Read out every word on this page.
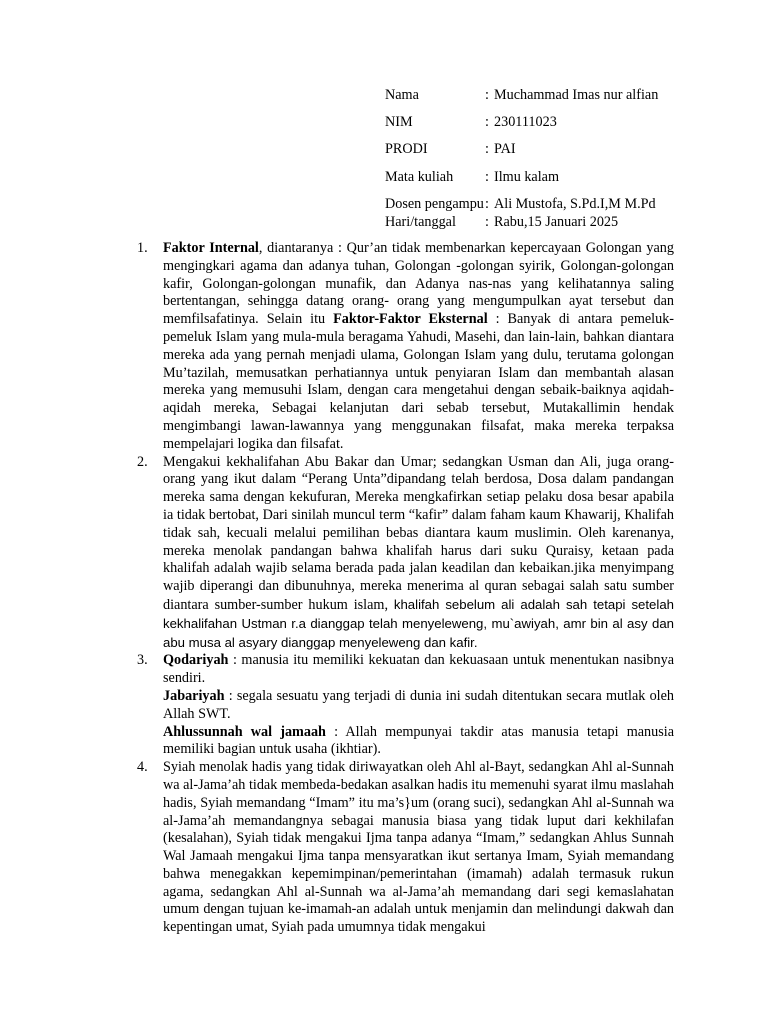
Nama	: Muchammad Imas nur alfian
NIM	: 230111023
PRODI	: PAI
Mata kuliah	: Ilmu kalam
Dosen pengampu : Ali Mustofa, S.Pd.I,M M.Pd
Hari/tanggal	: Rabu,15 Januari 2025
1. Faktor Internal, diantaranya : Qur’an tidak membenarkan kepercayaan Golongan yang mengingkari agama dan adanya tuhan, Golongan -golongan syirik, Golongan-golongan kafir, Golongan-golongan munafik, dan Adanya nas-nas yang kelihatannya saling bertentangan, sehingga datang orang- orang yang mengumpulkan ayat tersebut dan memfilsafatinya. Selain itu Faktor-Faktor Eksternal : Banyak di antara pemeluk-pemeluk Islam yang mula-mula beragama Yahudi, Masehi, dan lain-lain, bahkan diantara mereka ada yang pernah menjadi ulama, Golongan Islam yang dulu, terutama golongan Mu’tazilah, memusatkan perhatiannya untuk penyiaran Islam dan membantah alasan mereka yang memusuhi Islam, dengan cara mengetahui dengan sebaik-baiknya aqidah-aqidah mereka, Sebagai kelanjutan dari sebab tersebut, Mutakallimin hendak mengimbangi lawan-lawannya yang menggunakan filsafat, maka mereka terpaksa mempelajari logika dan filsafat.
2. Mengakui kekhalifahan Abu Bakar dan Umar; sedangkan Usman dan Ali, juga orang-orang yang ikut dalam “Perang Unta”dipandang telah berdosa, Dosa dalam pandangan mereka sama dengan kekufuran, Mereka mengkafirkan setiap pelaku dosa besar apabila ia tidak bertobat, Dari sinilah muncul term “kafir” dalam faham kaum Khawarij, Khalifah tidak sah, kecuali melalui pemilihan bebas diantara kaum muslimin. Oleh karenanya, mereka menolak pandangan bahwa khalifah harus dari suku Quraisy, ketaan pada khalifah adalah wajib selama berada pada jalan keadilan dan kebaikan.jika menyimpang wajib diperangi dan dibunuhnya, mereka menerima al quran sebagai salah satu sumber diantara sumber-sumber hukum islam, khalifah sebelum ali adalah sah tetapi setelah kekhalifahan Ustman r.a dianggap telah menyeleweng, mu`awiyah, amr bin al asy dan abu musa al asyary dianggap menyeleweng dan kafir.
3. Qodariyah : manusia itu memiliki kekuatan dan kekuasaan untuk menentukan nasibnya sendiri.
Jabariyah : segala sesuatu yang terjadi di dunia ini sudah ditentukan secara mutlak oleh Allah SWT.
Ahlussunnah wal jamaah : Allah mempunyai takdir atas manusia tetapi manusia memiliki bagian untuk usaha (ikhtiar).
4. Syiah menolak hadis yang tidak diriwayatkan oleh Ahl al-Bayt, sedangkan Ahl al-Sunnah wa al-Jama’ah tidak membeda-bedakan asalkan hadis itu memenuhi syarat ilmu maslahah hadis, Syiah memandang “Imam” itu ma’s}um (orang suci), sedangkan Ahl al-Sunnah wa al-Jama’ah memandangnya sebagai manusia biasa yang tidak luput dari kekhilafan (kesalahan), Syiah tidak mengakui Ijma tanpa adanya “Imam,” sedangkan Ahlus Sunnah Wal Jamaah mengakui Ijma tanpa mensyaratkan ikut sertanya Imam, Syiah memandang bahwa menegakkan kepemimpinan/pemerintahan (imamah) adalah termasuk rukun agama, sedangkan Ahl al-Sunnah wa al-Jama’ah memandang dari segi kemaslahatan umum dengan tujuan ke-imamah-an adalah untuk menjamin dan melindungi dakwah dan kepentingan umat, Syiah pada umumnya tidak mengakui
